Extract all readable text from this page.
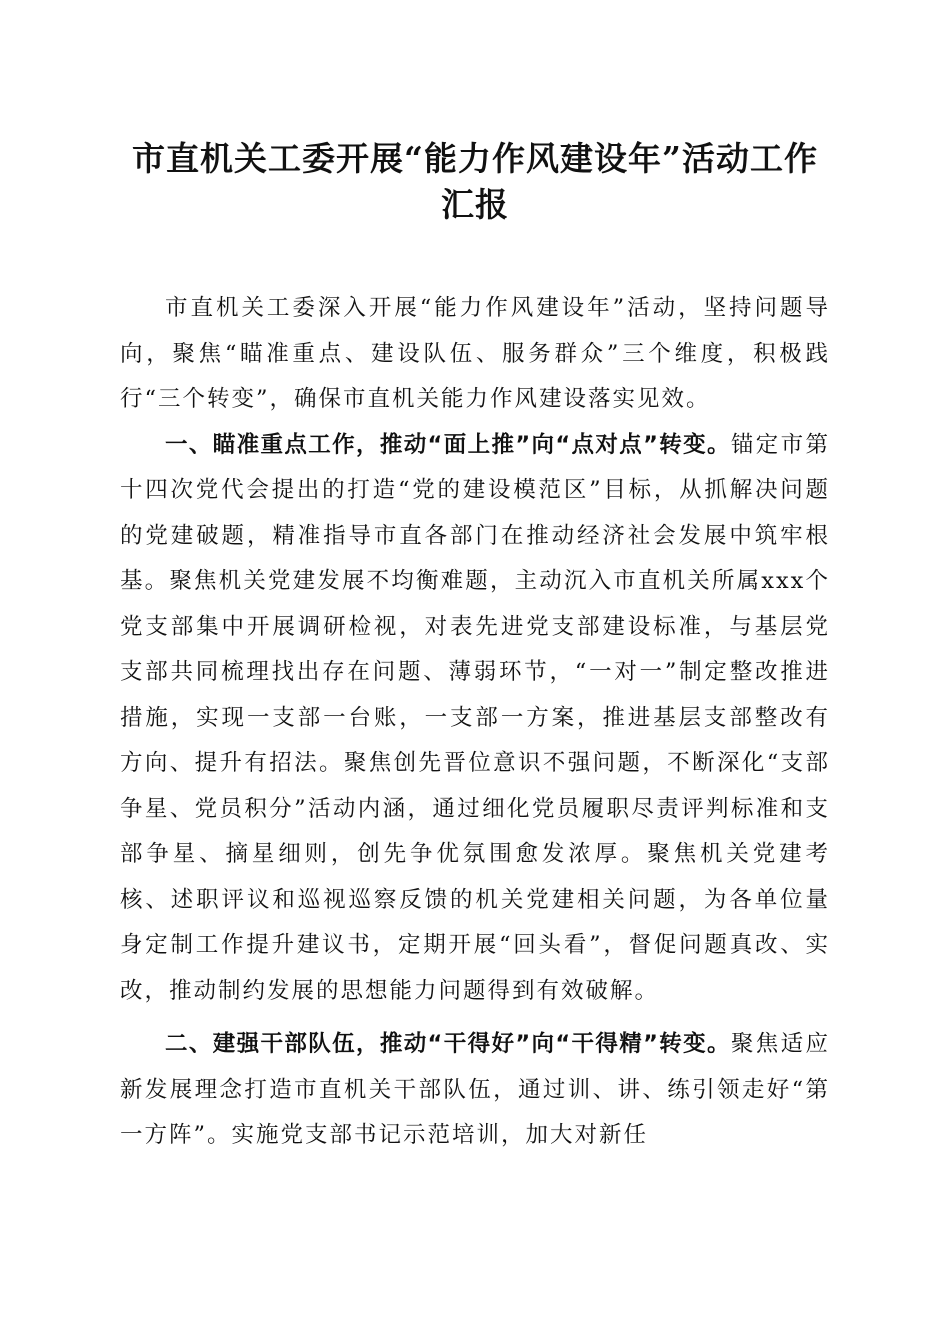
市直机关工委开展“能力作风建设年”活动工作汇报

市直机关工委深入开展“能力作风建设年”活动，坚持问题导向，聚焦“瞄准重点、建设队伍、服务群众”三个维度，积极践行“三个转变”，确保市直机关能力作风建设落实见效。

一、瞄准重点工作，推动“面上推”向“点对点”转变。锚定市第十四次党代会提出的打造“党的建设模范区”目标，从抓解决问题的党建破题，精准指导市直各部门在推动经济社会发展中筑牢根基。聚焦机关党建发展不均衡难题，主动沉入市直机关所属xxx个党支部集中开展调研检视，对表先进党支部建设标准，与基层党支部共同梳理找出存在问题、薄弱环节，“一对一”制定整改推进措施，实现一支部一台账，一支部一方案，推进基层支部整改有方向、提升有招法。聚焦创先晋位意识不强问题，不断深化“支部争星、党员积分”活动内涵，通过细化党员履职尽责评判标准和支部争星、摘星细则，创先争优氛围愈发浓厚。聚焦机关党建考核、述职评议和巡视巡察反馈的机关党建相关问题，为各单位量身定制工作提升建议书，定期开展“回头看”，督促问题真改、实改，推动制约发展的思想能力问题得到有效破解。

二、建强干部队伍，推动“干得好”向“干得精”转变。聚焦适应新发展理念打造市直机关干部队伍，通过训、讲、练引领走好“第一方阵”。实施党支部书记示范培训，加大对新任
